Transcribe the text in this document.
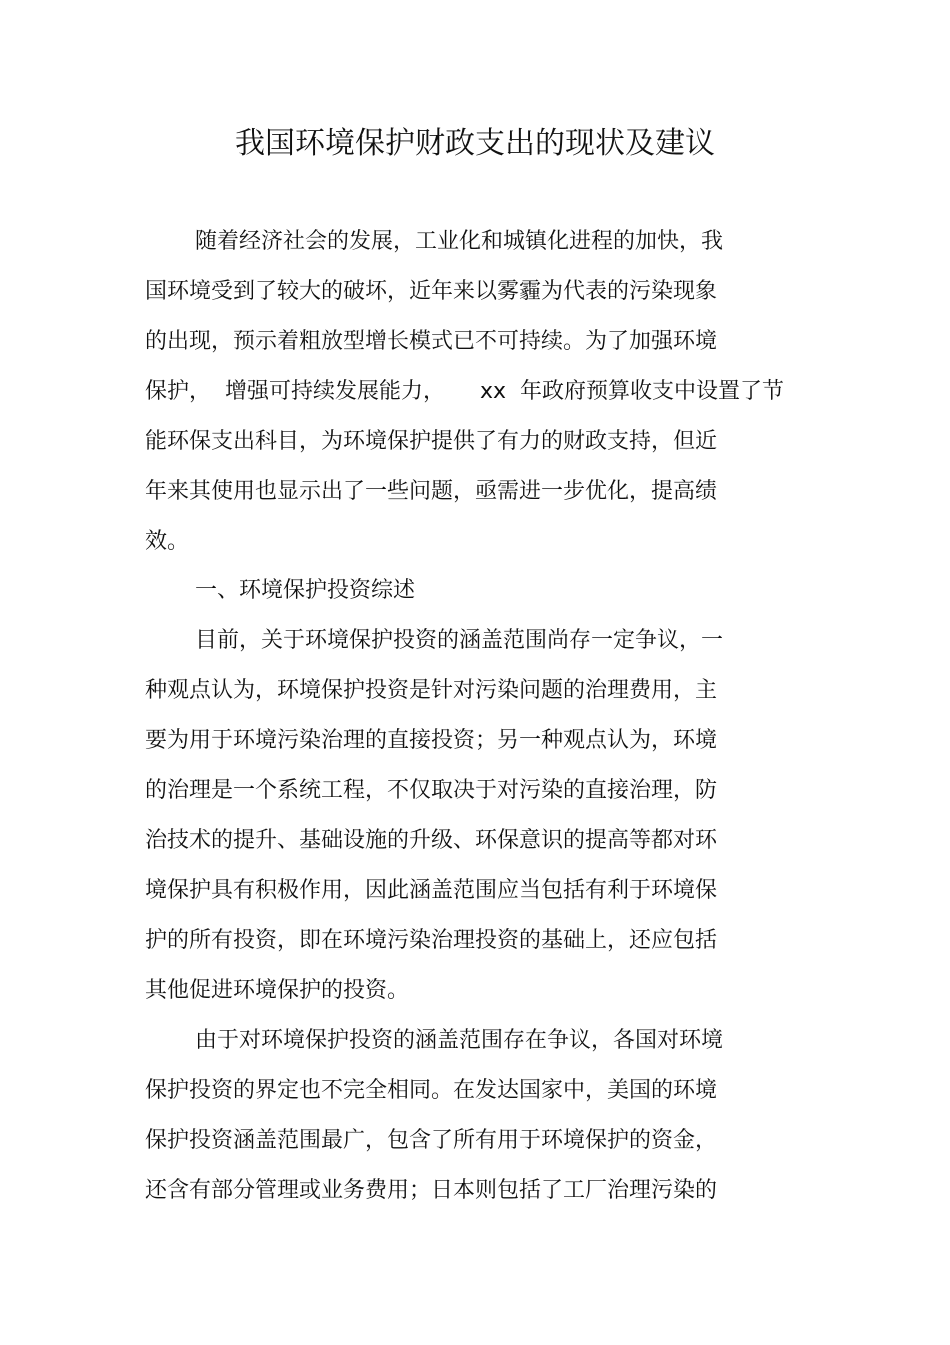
我国环境保护财政支出的现状及建议
随着经济社会的发展，工业化和城镇化进程的加快，我
国环境受到了较大的破坏，近年来以雾霾为代表的污染现象
的出现，预示着粗放型增长模式已不可持续。为了加强环境
保护，  增强可持续发展能力，     xx  年政府预算收支中设置了节
能环保支出科目，为环境保护提供了有力的财政支持，但近
年来其使用也显示出了一些问题，亟需进一步优化，提高绩
效。
一、环境保护投资综述
目前，关于环境保护投资的涵盖范围尚存一定争议，一
种观点认为，环境保护投资是针对污染问题的治理费用，主
要为用于环境污染治理的直接投资；另一种观点认为，环境
的治理是一个系统工程，不仅取决于对污染的直接治理，防
治技术的提升、基础设施的升级、环保意识的提高等都对环
境保护具有积极作用，因此涵盖范围应当包括有利于环境保
护的所有投资，即在环境污染治理投资的基础上，还应包括
其他促进环境保护的投资。
由于对环境保护投资的涵盖范围存在争议，各国对环境
保护投资的界定也不完全相同。在发达国家中，美国的环境
保护投资涵盖范围最广，包含了所有用于环境保护的资金，
还含有部分管理或业务费用；日本则包括了工厂治理污染的
